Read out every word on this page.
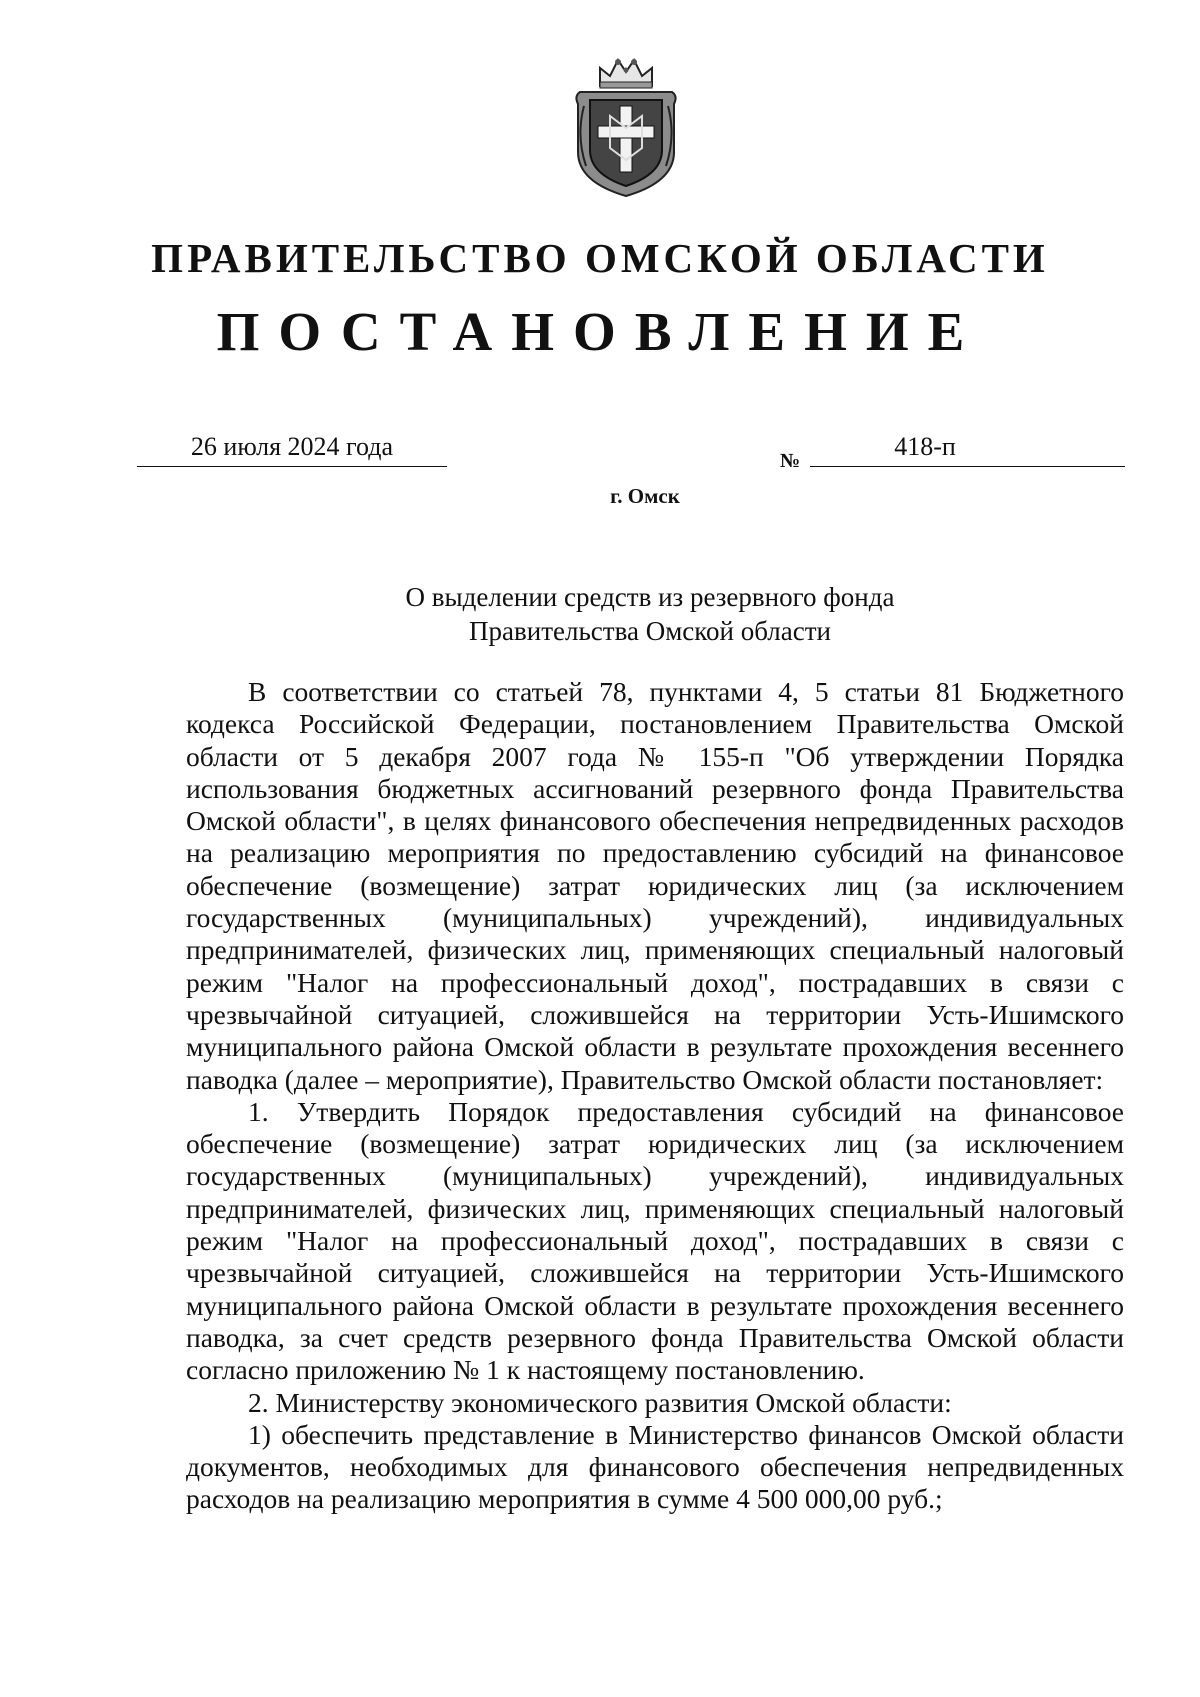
ПРАВИТЕЛЬСТВО ОМСКОЙ ОБЛАСТИ
ПОСТАНОВЛЕНИЕ
26 июля 2024 года	№	418-п
г. Омск
О выделении средств из резервного фонда
Правительства Омской области

В соответствии со статьей 78, пунктами 4, 5 статьи 81 Бюджетного кодекса Российской Федерации, постановлением Правительства Омской области от 5 декабря 2007 года № 155-п "Об утверждении Порядка использования бюджетных ассигнований резервного фонда Правительства Омской области", в целях финансового обеспечения непредвиденных расходов на реализацию мероприятия по предоставлению субсидий на финансовое обеспечение (возмещение) затрат юридических лиц (за исключением государственных (муниципальных) учреждений), индивидуальных предпринимателей, физических лиц, применяющих специальный налоговый режим "Налог на профессиональный доход", пострадавших в связи с чрезвычайной ситуацией, сложившейся на территории Усть-Ишимского муниципального района Омской области в результате прохождения весеннего паводка (далее – мероприятие), Правительство Омской области постановляет:

1. Утвердить Порядок предоставления субсидий на финансовое обеспечение (возмещение) затрат юридических лиц (за исключением государственных (муниципальных) учреждений), индивидуальных предпринимателей, физических лиц, применяющих специальный налоговый режим "Налог на профессиональный доход", пострадавших в связи с чрезвычайной ситуацией, сложившейся на территории Усть-Ишимского муниципального района Омской области в результате прохождения весеннего паводка, за счет средств резервного фонда Правительства Омской области согласно приложению № 1 к настоящему постановлению.

2. Министерству экономического развития Омской области:

1) обеспечить представление в Министерство финансов Омской области документов, необходимых для финансового обеспечения непредвиденных расходов на реализацию мероприятия в сумме 4 500 000,00 руб.;
